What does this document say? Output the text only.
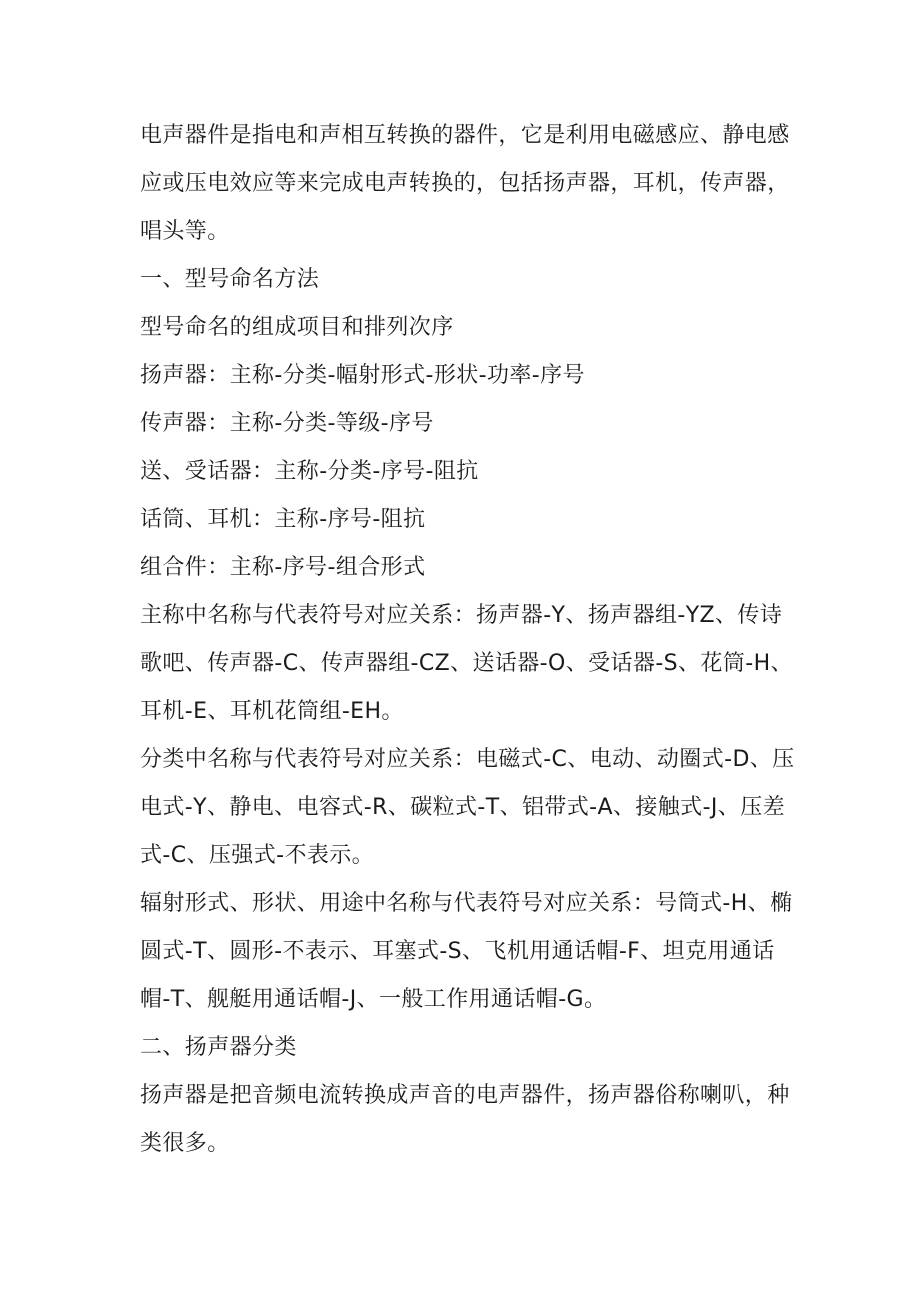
电声器件是指电和声相互转换的器件，它是利用电磁感应、静电感应或压电效应等来完成电声转换的，包括扬声器，耳机，传声器，唱头等。

一、型号命名方法

型号命名的组成项目和排列次序

扬声器：主称-分类-幅射形式-形状-功率-序号

传声器：主称-分类-等级-序号

送、受话器：主称-分类-序号-阻抗

话筒、耳机：主称-序号-阻抗

组合件：主称-序号-组合形式

主称中名称与代表符号对应关系：扬声器-Y、扬声器组-YZ、传诗歌吧、传声器-C、传声器组-CZ、送话器-O、受话器-S、花筒-H、耳机-E、耳机花筒组-EH。

分类中名称与代表符号对应关系：电磁式-C、电动、动圈式-D、压电式-Y、静电、电容式-R、碳粒式-T、铝带式-A、接触式-J、压差式-C、压强式-不表示。

辐射形式、形状、用途中名称与代表符号对应关系：号筒式-H、椭圆式-T、圆形-不表示、耳塞式-S、飞机用通话帽-F、坦克用通话帽-T、舰艇用通话帽-J、一般工作用通话帽-G。

二、扬声器分类

扬声器是把音频电流转换成声音的电声器件，扬声器俗称喇叭，种类很多。
